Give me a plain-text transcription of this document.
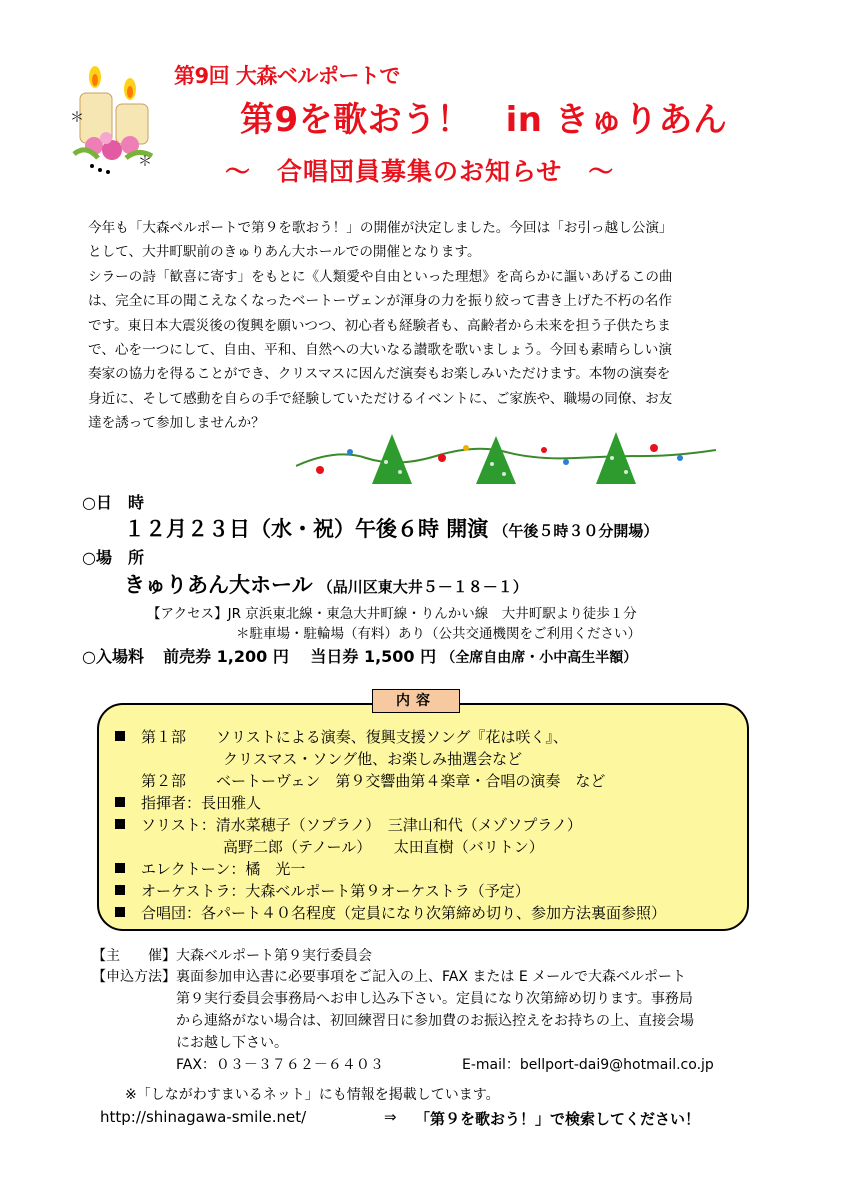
＊
＊
第9回 大森ベルポートで
第9を歌おう！　in きゅりあん
～　合唱団員募集のお知らせ　～

今年も「大森ベルポートで第９を歌おう！」の開催が決定しました。今回は「お引っ越し公演」

として、大井町駅前のきゅりあん大ホールでの開催となります。

シラーの詩「歓喜に寄す」をもとに《人類愛や自由といった理想》を高らかに謳いあげるこの曲

は、完全に耳の聞こえなくなったベートーヴェンが渾身の力を振り絞って書き上げた不朽の名作

です。東日本大震災後の復興を願いつつ、初心者も経験者も、高齢者から未来を担う子供たちま

で、心を一つにして、自由、平和、自然への大いなる讃歌を歌いましょう。今回も素晴らしい演

奏家の協力を得ることができ、クリスマスに因んだ演奏もお楽しみいただけます。本物の演奏を

身近に、そして感動を自らの手で経験していただけるイベントに、ご家族や、職場の同僚、お友

達を誘って参加しませんか？

○日　時
１２月２３日（水・祝）午後６時 開演 （午後５時３０分開場）
○場　所
きゅりあん大ホール （品川区東大井５－１８－１）
【アクセス】JR 京浜東北線・東急大井町線・りんかい線　大井町駅より徒歩１分
＊駐車場・駐輪場（有料）あり（公共交通機関をご利用ください）
○入場料 前売券 1,200 円　 当日券 1,500 円 （全席自由席・小中高生半額）
内容
第１部　　ソリストによる演奏、復興支援ソング『花は咲く』、
クリスマス・ソング他、お楽しみ抽選会など
第２部　　ベートーヴェン　第９交響曲第４楽章・合唱の演奏　など
指揮者：長田雅人
ソリスト：清水菜穂子（ソプラノ）　三津山和代（メゾソプラノ）
高野二郎（テノール）　　太田直樹（バリトン）
エレクトーン：橘　光一
オーケストラ：大森ベルポート第９オーケストラ（予定）
合唱団：各パート４０名程度（定員になり次第締め切り、参加方法裏面参照）
【主　　催】大森ベルポート第９実行委員会
【申込方法】 裏面参加申込書に必要事項をご記入の上、FAX または E メールで大森ベルポート
第９実行委員会事務局へお申し込み下さい。定員になり次第締め切ります。事務局
から連絡がない場合は、初回練習日に参加費のお振込控えをお持ちの上、直接会場
にお越し下さい。
FAX：０３－３７６２－６４０３	E-mail：bellport-dai9@hotmail.co.jp
※「しながわすまいるネット」にも情報を掲載しています。
http://shinagawa-smile.net/	⇒ 「第９を歌おう！」で検索してください！
